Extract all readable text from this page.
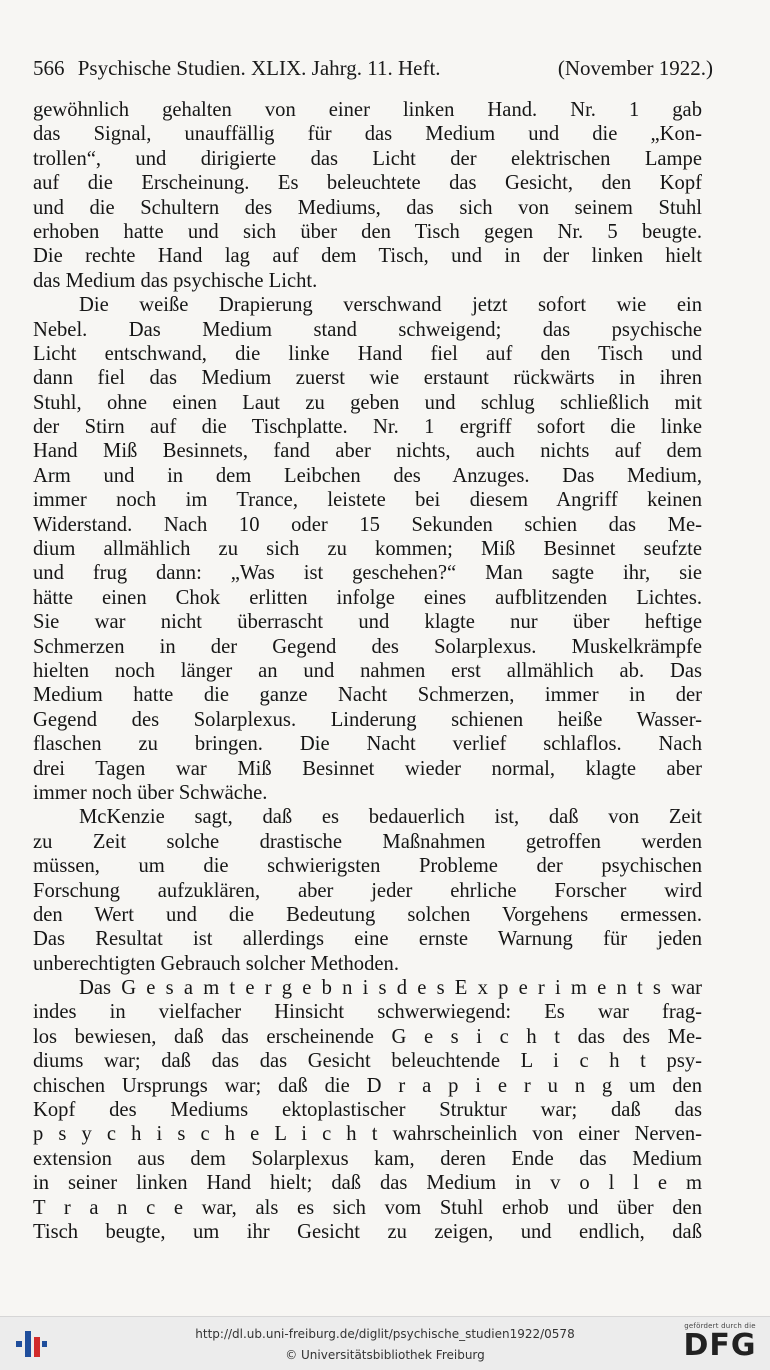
566 Psychische Studien. XLIX. Jahrg. 11. Heft.	(November 1922.)
gewöhnlich gehalten von einer linken Hand. Nr. 1 gab
das Signal, unauffällig für das Medium und die „Kon-
trollen“, und dirigierte das Licht der elektrischen Lampe
auf die Erscheinung. Es beleuchtete das Gesicht, den Kopf
und die Schultern des Mediums, das sich von seinem Stuhl
erhoben hatte und sich über den Tisch gegen Nr. 5 beugte.
Die rechte Hand lag auf dem Tisch, und in der linken hielt
das Medium das psychische Licht.
Die weiße Drapierung verschwand jetzt sofort wie ein
Nebel. Das Medium stand schweigend; das psychische
Licht entschwand, die linke Hand fiel auf den Tisch und
dann fiel das Medium zuerst wie erstaunt rückwärts in ihren
Stuhl, ohne einen Laut zu geben und schlug schließlich mit
der Stirn auf die Tischplatte. Nr. 1 ergriff sofort die linke
Hand Miß Besinnets, fand aber nichts, auch nichts auf dem
Arm und in dem Leibchen des Anzuges. Das Medium,
immer noch im Trance, leistete bei diesem Angriff keinen
Widerstand. Nach 10 oder 15 Sekunden schien das Me-
dium allmählich zu sich zu kommen; Miß Besinnet seufzte
und frug dann: „Was ist geschehen?“ Man sagte ihr, sie
hätte einen Chok erlitten infolge eines aufblitzenden Lichtes.
Sie war nicht überrascht und klagte nur über heftige
Schmerzen in der Gegend des Solarplexus. Muskelkrämpfe
hielten noch länger an und nahmen erst allmählich ab. Das
Medium hatte die ganze Nacht Schmerzen, immer in der
Gegend des Solarplexus. Linderung schienen heiße Wasser-
flaschen zu bringen. Die Nacht verlief schlaflos. Nach
drei Tagen war Miß Besinnet wieder normal, klagte aber
immer noch über Schwäche.
McKenzie sagt, daß es bedauerlich ist, daß von Zeit
zu Zeit solche drastische Maßnahmen getroffen werden
müssen, um die schwierigsten Probleme der psychischen
Forschung aufzuklären, aber jeder ehrliche Forscher wird
den Wert und die Bedeutung solchen Vorgehens ermessen.
Das Resultat ist allerdings eine ernste Warnung für jeden
unberechtigten Gebrauch solcher Methoden.
Das G e s a m t e r g e b n i s d e s E x p e r i m e n t s war
indes in vielfacher Hinsicht schwerwiegend: Es war frag-
los bewiesen, daß das erscheinende G e s i c h t das des Me-
diums war; daß das das Gesicht beleuchtende L i c h t psy-
chischen Ursprungs war; daß die D r a p i e r u n g um den
Kopf des Mediums ektoplastischer Struktur war; daß das
p s y c h i s c h e L i c h t wahrscheinlich von einer Nerven-
extension aus dem Solarplexus kam, deren Ende das Medium
in seiner linken Hand hielt; daß das Medium in v o l l e m
T r a n c e war, als es sich vom Stuhl erhob und über den
Tisch beugte, um ihr Gesicht zu zeigen, und endlich, daß
http://dl.ub.uni-freiburg.de/diglit/psychische_studien1922/0578
© Universitätsbibliothek Freiburg
gefördert durch die
DFG
